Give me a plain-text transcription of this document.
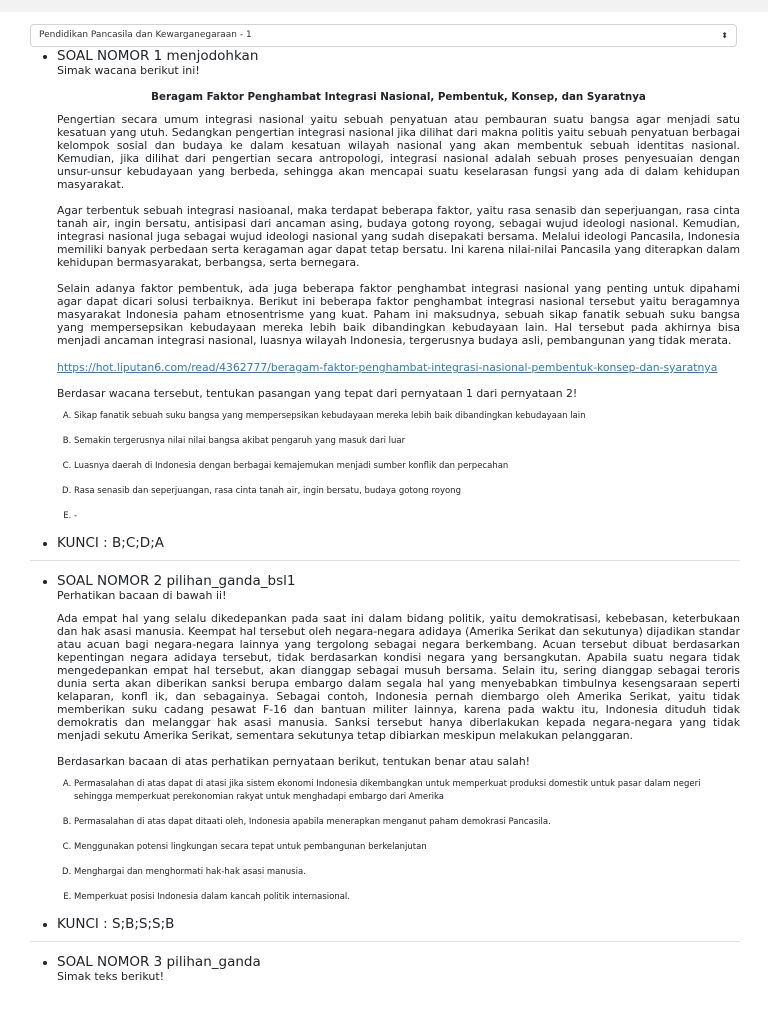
Pendidikan Pancasila dan Kewarganegaraan - 1	⬍
• SOAL NOMOR 1 menjodohkan

Simak wacana berikut ini!

Beragam Faktor Penghambat Integrasi Nasional, Pembentuk, Konsep, dan Syaratnya

Pengertian secara umum integrasi nasional yaitu sebuah penyatuan atau pembauran suatu bangsa agar menjadi satu kesatuan yang utuh. Sedangkan pengertian integrasi nasional jika dilihat dari makna politis yaitu sebuah penyatuan berbagai kelompok sosial dan budaya ke dalam kesatuan wilayah nasional yang akan membentuk sebuah identitas nasional. Kemudian, jika dilihat dari pengertian secara antropologi, integrasi nasional adalah sebuah proses penyesuaian dengan unsur-unsur kebudayaan yang berbeda, sehingga akan mencapai suatu keselarasan fungsi yang ada di dalam kehidupan masyarakat.

Agar terbentuk sebuah integrasi nasioanal, maka terdapat beberapa faktor, yaitu rasa senasib dan seperjuangan, rasa cinta tanah air, ingin bersatu, antisipasi dari ancaman asing, budaya gotong royong, sebagai wujud ideologi nasional. Kemudian, integrasi nasional juga sebagai wujud ideologi nasional yang sudah disepakati bersama. Melalui ideologi Pancasila, Indonesia memiliki banyak perbedaan serta keragaman agar dapat tetap bersatu. Ini karena nilai-nilai Pancasila yang diterapkan dalam kehidupan bermasyarakat, berbangsa, serta bernegara.

Selain adanya faktor pembentuk, ada juga beberapa faktor penghambat integrasi nasional yang penting untuk dipahami agar dapat dicari solusi terbaiknya. Berikut ini beberapa faktor penghambat integrasi nasional tersebut yaitu beragamnya masyarakat Indonesia paham etnosentrisme yang kuat. Paham ini maksudnya, sebuah sikap fanatik sebuah suku bangsa yang mempersepsikan kebudayaan mereka lebih baik dibandingkan kebudayaan lain. Hal tersebut pada akhirnya bisa menjadi ancaman integrasi nasional, luasnya wilayah Indonesia, tergerusnya budaya asli, pembangunan yang tidak merata.

https://hot.liputan6.com/read/4362777/beragam-faktor-penghambat-integrasi-nasional-pembentuk-konsep-dan-syaratnya

Berdasar wacana tersebut, tentukan pasangan yang tepat dari pernyataan 1 dari pernyataan 2!

A. Sikap fanatik sebuah suku bangsa yang mempersepsikan kebudayaan mereka lebih baik dibandingkan kebudayaan lain
B. Semakin tergerusnya nilai nilai bangsa akibat pengaruh yang masuk dari luar
C. Luasnya daerah di Indonesia dengan berbagai kemajemukan menjadi sumber konflik dan perpecahan
D. Rasa senasib dan seperjuangan, rasa cinta tanah air, ingin bersatu, budaya gotong royong
E. -
• KUNCI : B;C;D;A
• SOAL NOMOR 2 pilihan_ganda_bsl1

Perhatikan bacaan di bawah ii!

Ada empat hal yang selalu dikedepankan pada saat ini dalam bidang politik, yaitu demokratisasi, kebebasan, keterbukaan dan hak asasi manusia. Keempat hal tersebut oleh negara-negara adidaya (Amerika Serikat dan sekutunya) dijadikan standar atau acuan bagi negara-negara lainnya yang tergolong sebagai negara berkembang. Acuan tersebut dibuat berdasarkan kepentingan negara adidaya tersebut, tidak berdasarkan kondisi negara yang bersangkutan. Apabila suatu negara tidak mengedepankan empat hal tersebut, akan dianggap sebagai musuh bersama. Selain itu, sering dianggap sebagai teroris dunia serta akan diberikan sanksi berupa embargo dalam segala hal yang menyebabkan timbulnya kesengsaraan seperti kelaparan, konfl ik, dan sebagainya. Sebagai contoh, Indonesia pernah diembargo oleh Amerika Serikat, yaitu tidak memberikan suku cadang pesawat F-16 dan bantuan militer lainnya, karena pada waktu itu, Indonesia dituduh tidak demokratis dan melanggar hak asasi manusia. Sanksi tersebut hanya diberlakukan kepada negara-negara yang tidak menjadi sekutu Amerika Serikat, sementara sekutunya tetap dibiarkan meskipun melakukan pelanggaran.

Berdasarkan bacaan di atas perhatikan pernyataan berikut, tentukan benar atau salah!

A. Permasalahan di atas dapat di atasi jika sistem ekonomi Indonesia dikembangkan untuk memperkuat produksi domestik untuk pasar dalam negeri sehingga memperkuat perekonomian rakyat untuk menghadapi embargo dari Amerika
B. Permasalahan di atas dapat ditaati oleh, Indonesia apabila menerapkan menganut paham demokrasi Pancasila.
C. Menggunakan potensi lingkungan secara tepat untuk pembangunan berkelanjutan
D. Menghargai dan menghormati hak-hak asasi manusia.
E. Memperkuat posisi Indonesia dalam kancah politik internasional.
• KUNCI : S;B;S;S;B
• SOAL NOMOR 3 pilihan_ganda

Simak teks berikut!
